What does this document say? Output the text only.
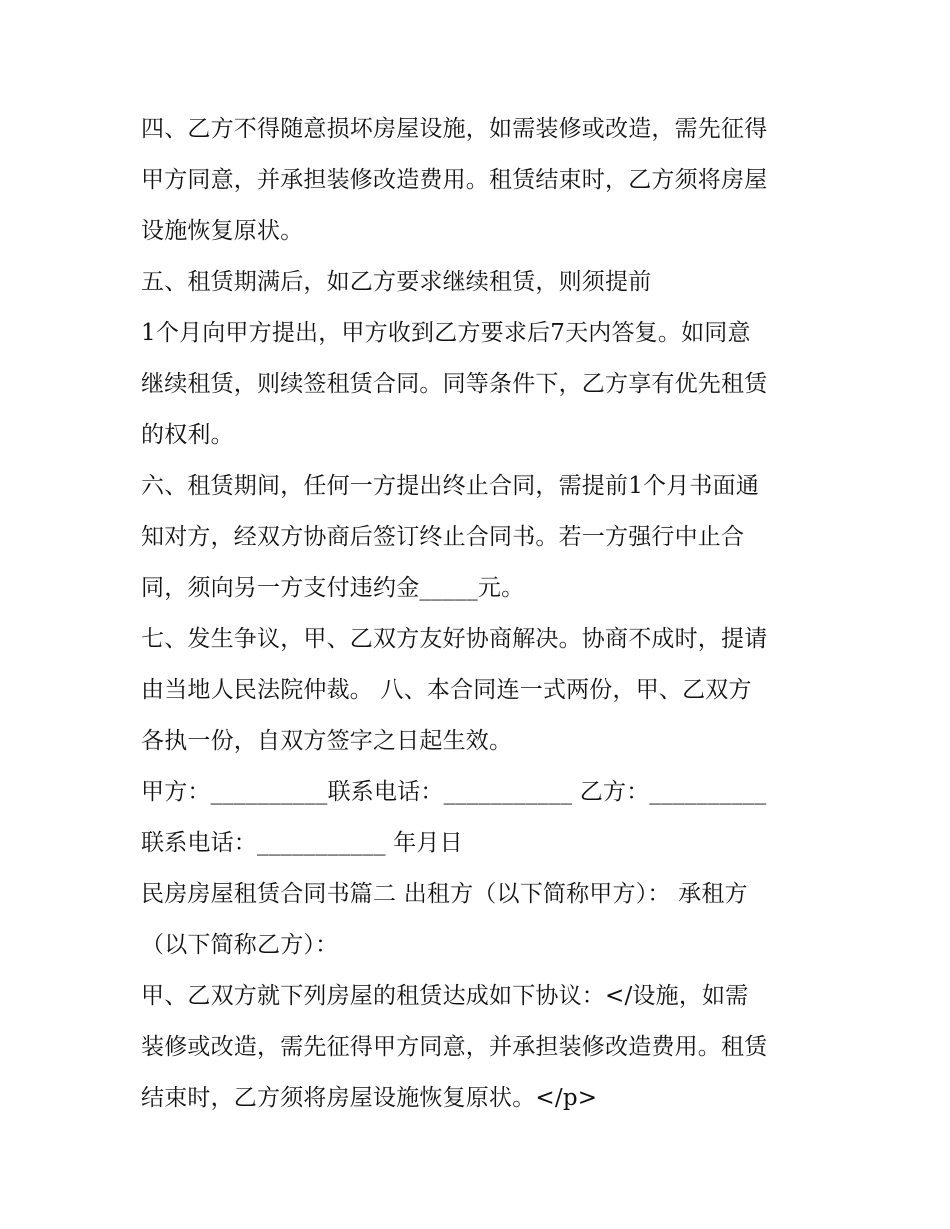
四、乙方不得随意损坏房屋设施，如需装修或改造，需先征得
甲方同意，并承担装修改造费用。租赁结束时，乙方须将房屋
设施恢复原状。
五、租赁期满后，如乙方要求继续租赁，则须提前
1个月向甲方提出，甲方收到乙方要求后7天内答复。如同意
继续租赁，则续签租赁合同。同等条件下，乙方享有优先租赁
的权利。
六、租赁期间，任何一方提出终止合同，需提前1个月书面通
知对方，经双方协商后签订终止合同书。若一方强行中止合
同，须向另一方支付违约金_____元。
七、发生争议，甲、乙双方友好协商解决。协商不成时，提请
由当地人民法院仲裁。 八、本合同连一式两份，甲、乙双方
各执一份，自双方签字之日起生效。
甲方：__________联系电话：___________ 乙方：__________
联系电话：___________ 年月日
民房房屋租赁合同书篇二 出租方（以下简称甲方）： 承租方
（以下简称乙方）：
甲、乙双方就下列房屋的租赁达成如下协议：</设施，如需
装修或改造，需先征得甲方同意，并承担装修改造费用。租赁
结束时，乙方须将房屋设施恢复原状。</p>
